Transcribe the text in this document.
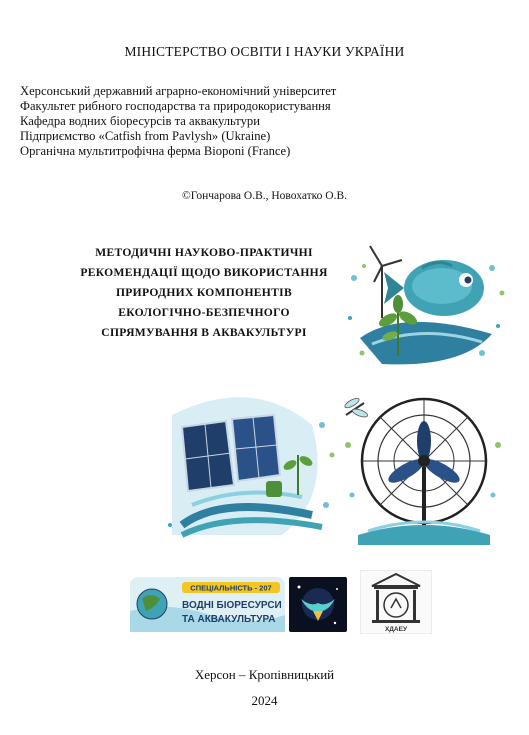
МІНІСТЕРСТВО ОСВІТИ І НАУКИ УКРАЇНИ
Херсонський державний аграрно-економічний університет
Факультет рибного господарства та природокористування
Кафедра водних біоресурсів та аквакультури
Підприємство «Catfish from Pavlysh» (Ukraine)
Органічна мультитрофічна ферма Bioponi (France)
©Гончарова О.В., Новохатко О.В.
МЕТОДИЧНІ НАУКОВО-ПРАКТИЧНІ
РЕКОМЕНДАЦІЇ ЩОДО ВИКОРИСТАННЯ
ПРИРОДНИХ КОМПОНЕНТІВ
ЕКОЛОГІЧНО-БЕЗПЕЧНОГО
СПРЯМУВАННЯ В АКВАКУЛЬТУРІ
СПЕЦІАЛЬНІСТЬ - 207
ВОДНІ БІОРЕСУРСИ
ТА АКВАКУЛЬТУРА
ХДАЕУ
Херсон – Кропівницький
2024
